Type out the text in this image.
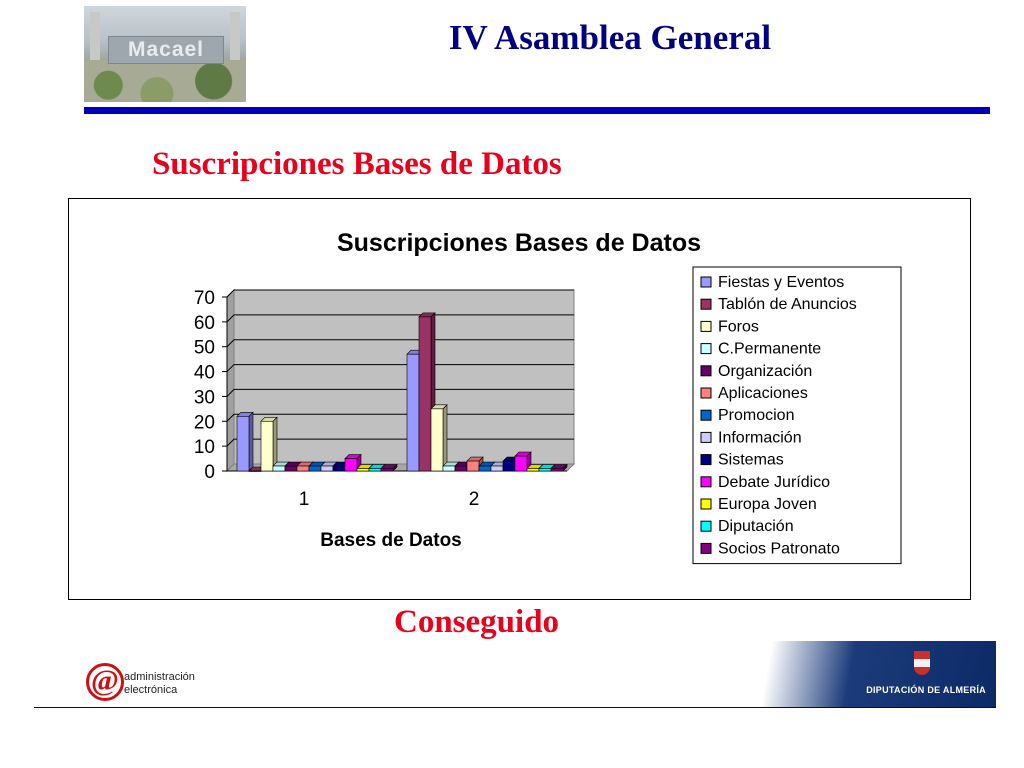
Macael	IV Asamblea General
Suscripciones Bases de Datos
Suscripciones Bases de Datos
0
10
20
30
40
50
60
70
1	2
Bases de Datos
Fiestas y Eventos
Tablón de Anuncios
Foros
C.Permanente
Organización
Aplicaciones
Promocion
Información
Sistemas
Debate Jurídico
Europa Joven
Diputación
Socios Patronato
Conseguido
@ administración
electrónica	DIPUTACIÓN DE ALMERÍA
